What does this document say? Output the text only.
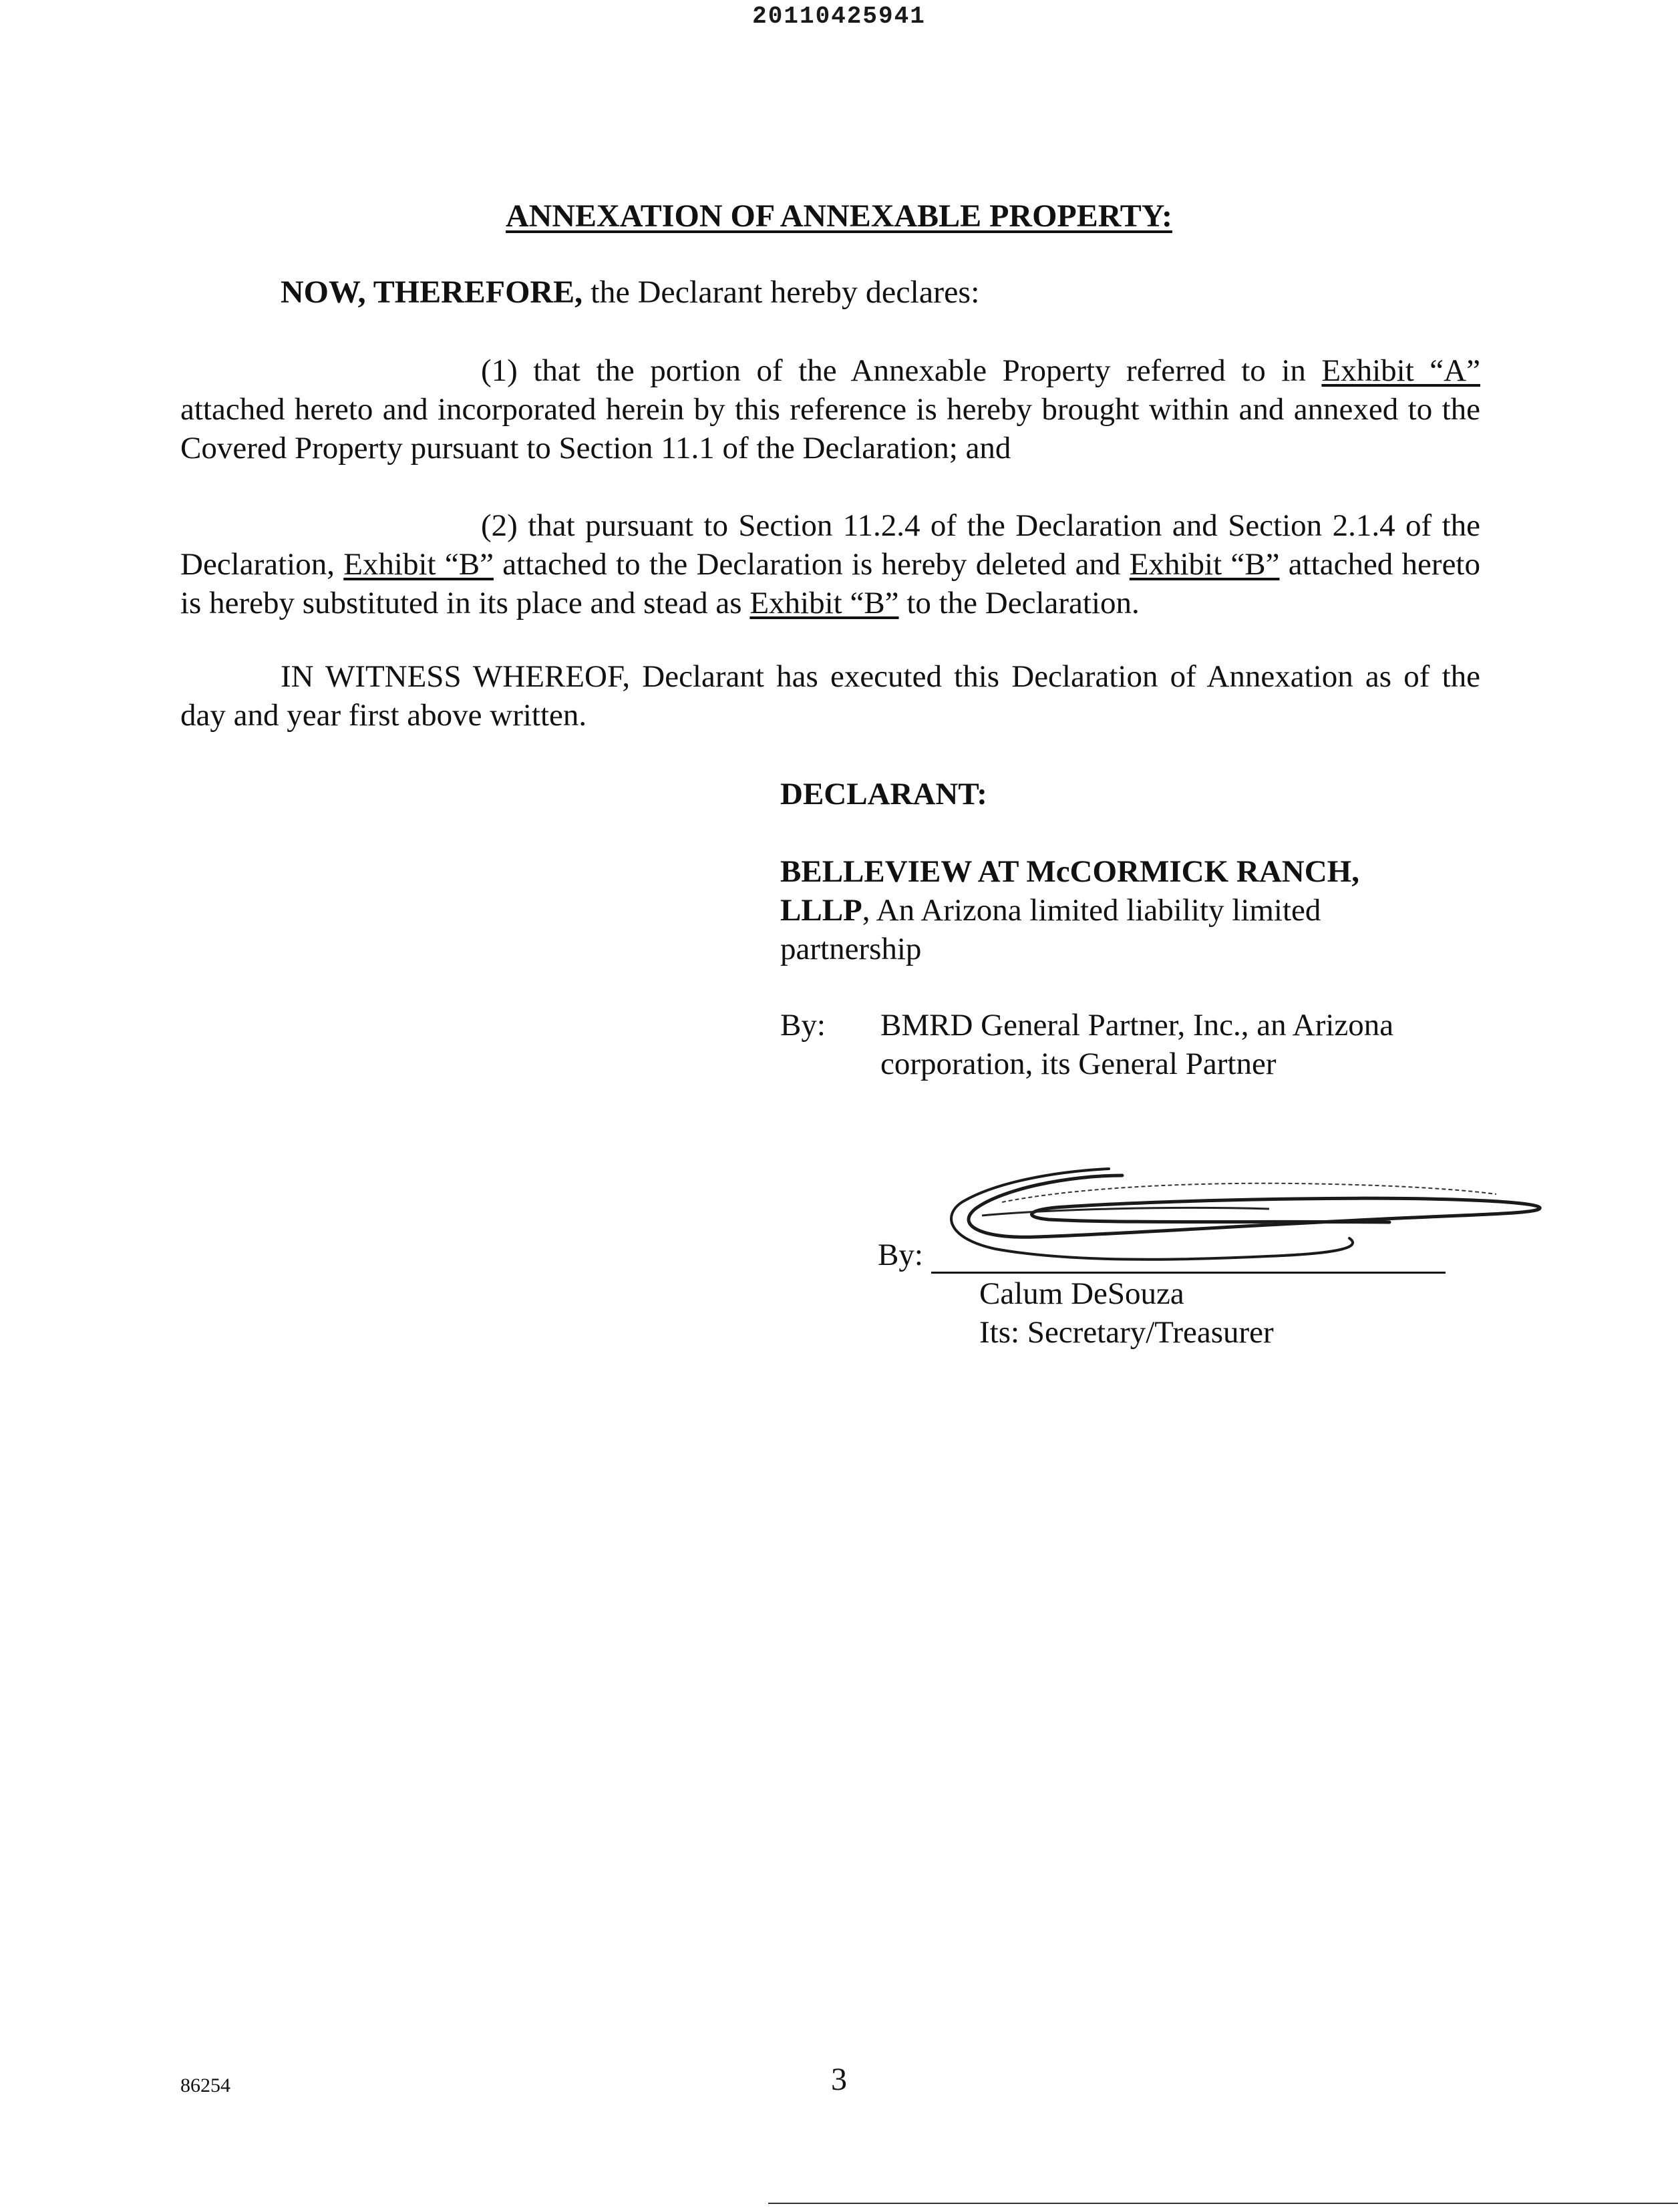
20110425941
ANNEXATION OF ANNEXABLE PROPERTY:
NOW, THEREFORE, the Declarant hereby declares:
(1) that the portion of the Annexable Property referred to in Exhibit “A” attached hereto and incorporated herein by this reference is hereby brought within and annexed to the Covered Property pursuant to Section 11.1 of the Declaration; and
(2) that pursuant to Section 11.2.4 of the Declaration and Section 2.1.4 of the Declaration, Exhibit “B” attached to the Declaration is hereby deleted and Exhibit “B” attached hereto is hereby substituted in its place and stead as Exhibit “B” to the Declaration.
IN WITNESS WHEREOF, Declarant has executed this Declaration of Annexation as of the day and year first above written.
DECLARANT:
BELLEVIEW AT McCORMICK RANCH, LLLP, An Arizona limited liability limited partnership
By: BMRD General Partner, Inc., an Arizona corporation, its General Partner
By:
Calum DeSouza
Its: Secretary/Treasurer
86254	3
